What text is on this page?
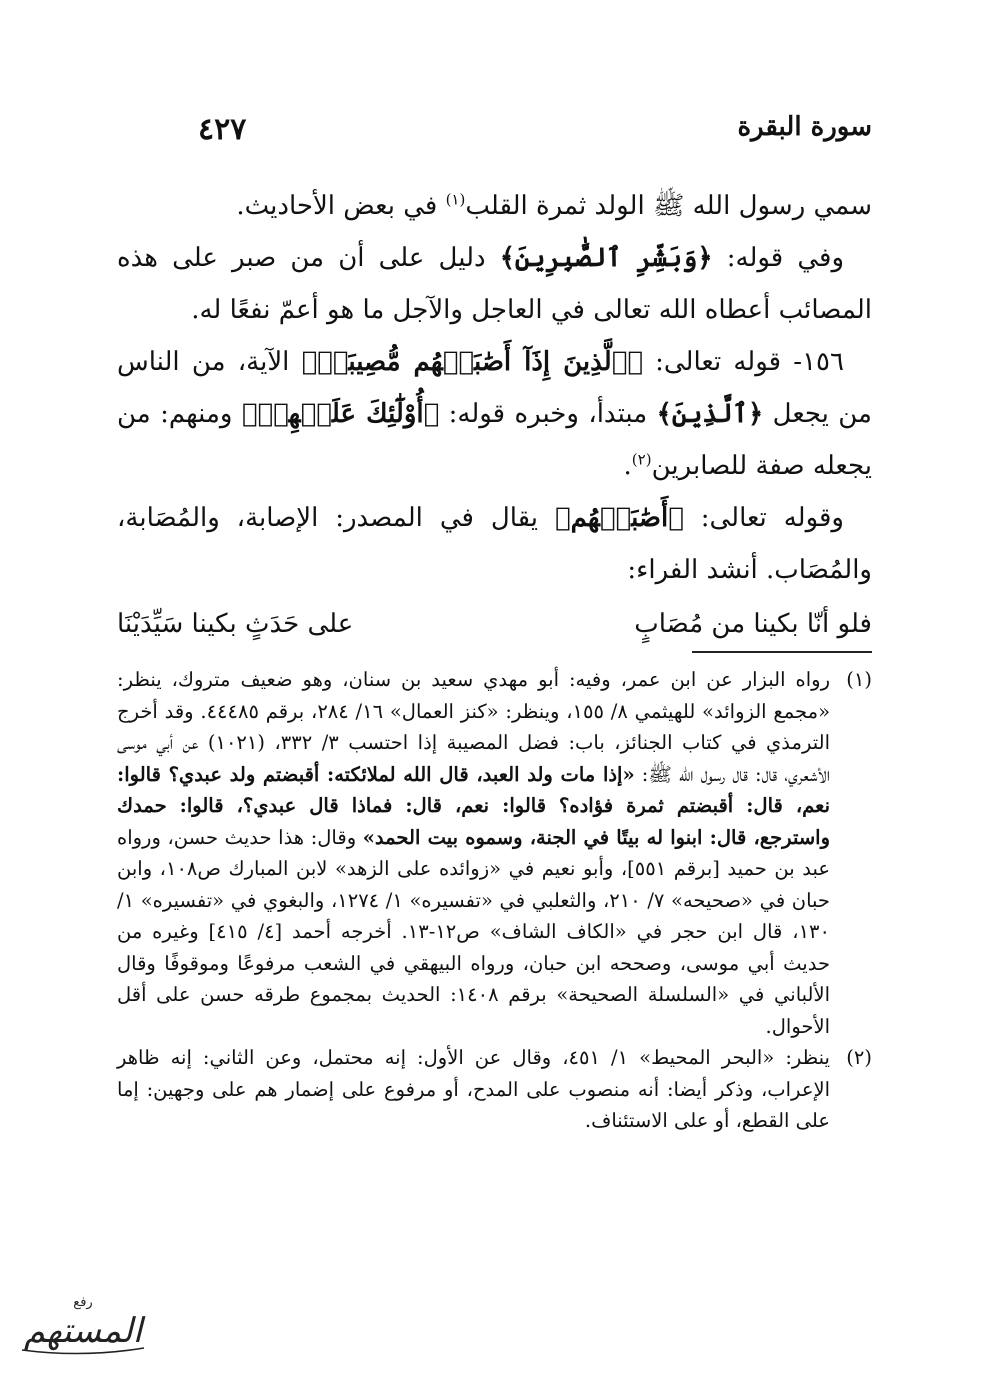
سورة البقرة
٤٢٧

سمي رسول الله ﷺ الولد ثمرة القلب$^{(١)}$ في بعض الأحاديث.

وفي قوله: ﴿وَبَشِّرِ ٱلصَّٰبِرِينَ﴾ دليل على أن من صبر على هذه المصائب أعطاه الله تعالى في العاجل والآجل ما هو أعمّ نفعًا له.

١٥٦- قوله تعالى: ﴿ٱلَّذِينَ إِذَآ أَصَٰبَتۡهُم مُّصِيبَةٞ﴾ الآية، من الناس من يجعل ﴿ٱلَّذِينَ﴾ مبتدأ، وخبره قوله: ﴿أُوْلَٰٓئِكَ عَلَيۡهِمۡ﴾ ومنهم: من يجعله صفة للصابرين$^{(٢)}$.

وقوله تعالى: ﴿أَصَٰبَتۡهُم﴾ يقال في المصدر: الإصابة، والمُصَابة، والمُصَاب. أنشد الفراء:

فلو أنّا بكينا من مُصَابٍ
على حَدَثٍ بكينا سَيِّدَيْنَا
(١)
رواه البزار عن ابن عمر، وفيه: أبو مهدي سعيد بن سنان، وهو ضعيف متروك، ينظر: «مجمع الزوائد» للهيثمي ٨/ ١٥٥، وينظر: «كنز العمال» ١٦/ ٢٨٤، برقم ٤٤٤٨٥. وقد أخرج الترمذي في كتاب الجنائز، باب: فضل المصيبة إذا احتسب ٣/ ٣٣٢، (١٠٢١) عن أبي موسى الأشعري، قال: قال رسول الله ﷺ: «إذا مات ولد العبد، قال الله لملائكته: أقبضتم ولد عبدي؟ قالوا: نعم، قال: أقبضتم ثمرة فؤاده؟ قالوا: نعم، قال: فماذا قال عبدي؟، قالوا: حمدك واسترجع، قال: ابنوا له بيتًا في الجنة، وسموه بيت الحمد» وقال: هذا حديث حسن، ورواه عبد بن حميد [برقم ٥٥١]، وأبو نعيم في «زوائده على الزهد» لابن المبارك ص١٠٨، وابن حبان في «صحيحه» ٧/ ٢١٠، والثعلبي في «تفسيره» ١/ ١٢٧٤، والبغوي في «تفسيره» ١/ ١٣٠، قال ابن حجر في «الكاف الشاف» ص١٢-١٣. أخرجه أحمد [٤/ ٤١٥] وغيره من حديث أبي موسى، وصححه ابن حبان، ورواه البيهقي في الشعب مرفوعًا وموقوفًا وقال الألباني في «السلسلة الصحيحة» برقم ١٤٠٨: الحديث بمجموع طرقه حسن على أقل الأحوال.
(٢)
ينظر: «البحر المحيط» ١/ ٤٥١، وقال عن الأول: إنه محتمل، وعن الثاني: إنه ظاهر الإعراب، وذكر أيضا: أنه منصوب على المدح، أو مرفوع على إضمار هم على وجهين: إما على القطع، أو على الاستئناف.
رفع
المستهم
